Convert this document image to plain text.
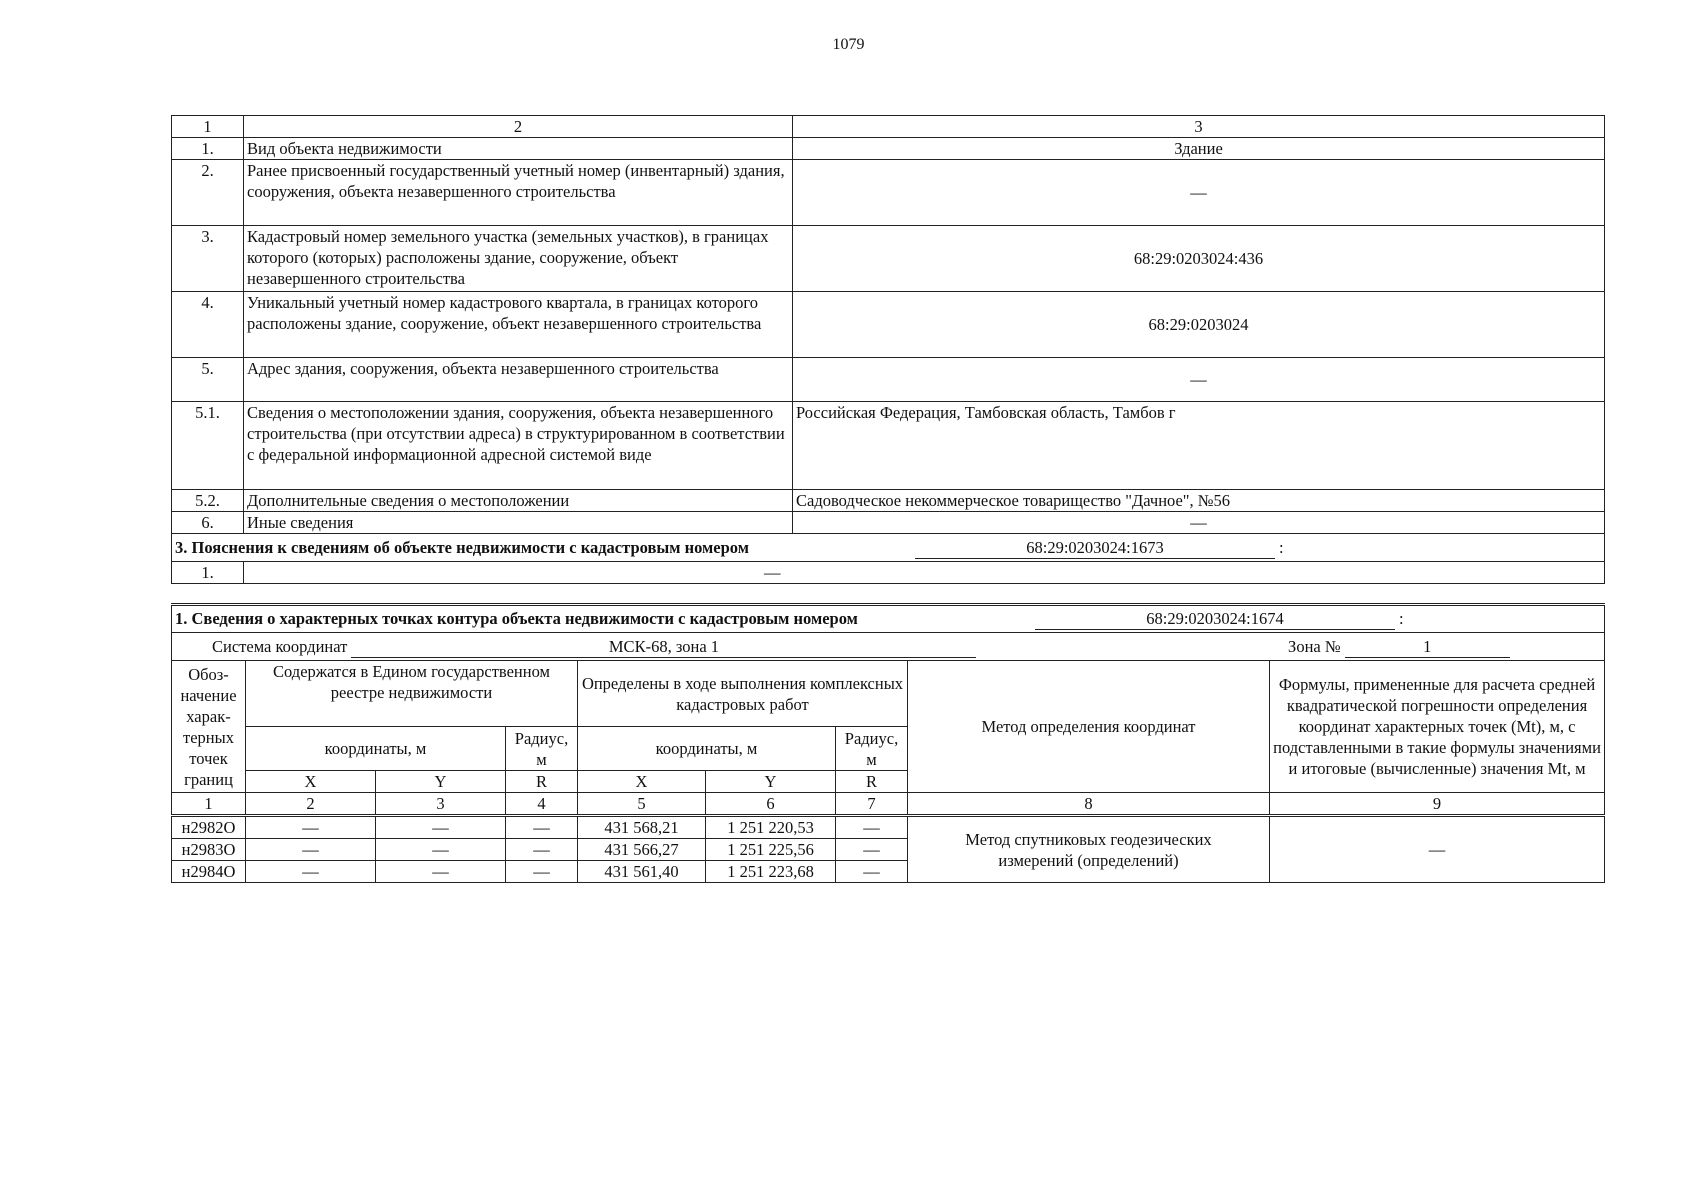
1079
1	2	3
1.	Вид объекта недвижимости	Здание
2.	Ранее присвоенный государственный учетный номер (инвентарный) здания, сооружения, объекта незавершенного строительства	—
3.	Кадастровый номер земельного участка (земельных участков), в границах которого (которых) расположены здание, сооружение, объект незавершенного строительства	68:29:0203024:436
4.	Уникальный учетный номер кадастрового квартала, в границах которого расположены здание, сооружение, объект незавершенного строительства	68:29:0203024
5.	Адрес здания, сооружения, объекта незавершенного строительства	—
5.1.	Сведения о местоположении здания, сооружения, объекта незавершенного строительства (при отсутствии адреса) в структурированном в соответствии с федеральной информационной адресной системой виде	Российская Федерация, Тамбовская область, Тамбов г
5.2.	Дополнительные сведения о местоположении	Садоводческое некоммерческое товарищество "Дачное", №56
6.	Иные сведения	—
3. Пояснения к сведениям об объекте недвижимости с кадастровым номером 68:29:0203024:1673 :		
1.	—	
1. Сведения о характерных точках контура объекта недвижимости с кадастровым номером 68:29:0203024:1674 :								
Система координат МСК-68, зона 1 Зона № 1								
Обоз-начение харак-терных точек границ	Содержатся в Едином государственном реестре недвижимости			Определены в ходе выполнения комплексных кадастровых работ			Метод определения координат	Формулы, примененные для расчета средней квадратической погрешности определения координат характерных точек (Mt), м, с подставленными в такие формулы значениями и итоговые (вычисленные) значения Mt, м
	координаты, м		Радиус, м	координаты, м		Радиус, м		
	X	Y	R	X	Y	R		
1	2	3	4	5	6	7	8	9
н2982О	—	—	—	431 568,21	1 251 220,53	—	Метод спутниковых геодезических измерений (определений)	—
н2983О	—	—	—	431 566,27	1 251 225,56	—		
н2984О	—	—	—	431 561,40	1 251 223,68	—		
